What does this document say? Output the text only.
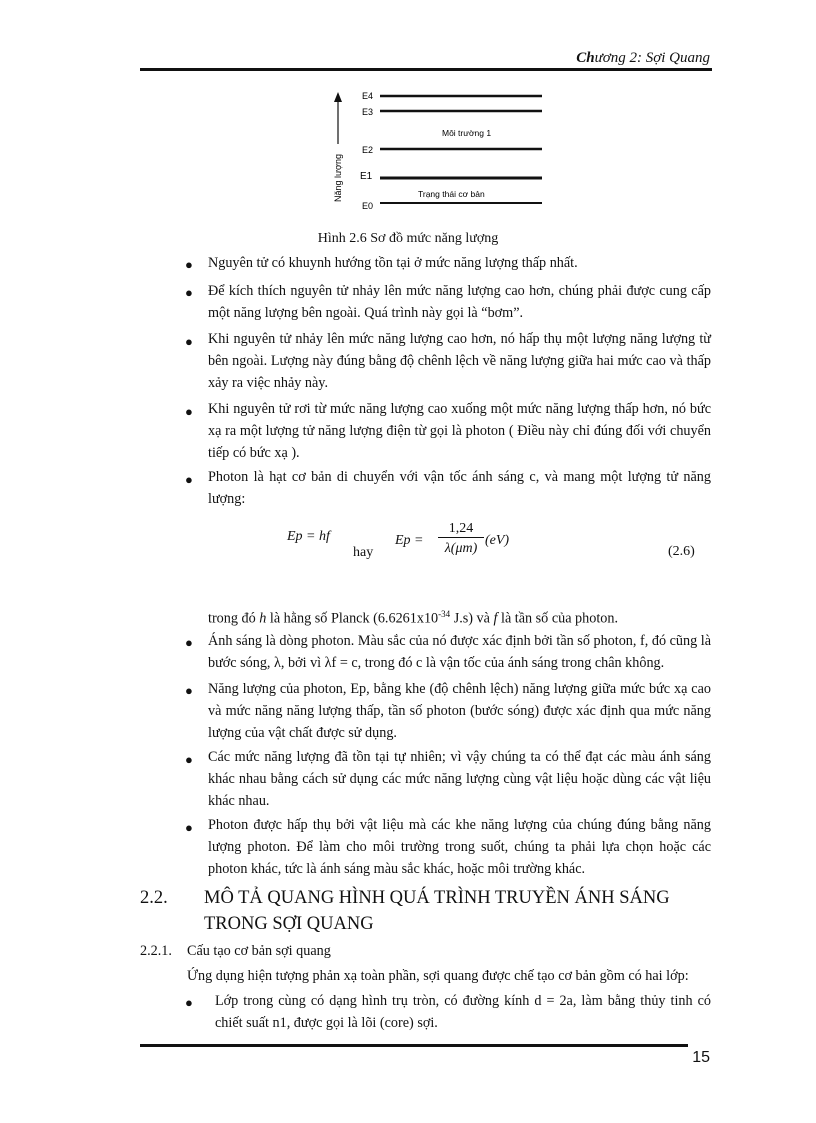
Chương 2: Sợi Quang
E4
E3
E2
E1
E0
Môi trường 1
Trạng thái cơ bản
Năng lượng
Hình 2.6 Sơ đồ mức năng lượng
● Nguyên tử có khuynh hướng tồn tại ở mức năng lượng thấp nhất.
● Để kích thích nguyên tử nhảy lên mức năng lượng cao hơn, chúng phải được cung cấp một năng lượng bên ngoài. Quá trình này gọi là “bơm”.
● Khi nguyên tử nhảy lên mức năng lượng cao hơn, nó hấp thụ một lượng năng lượng từ bên ngoài. Lượng này đúng bằng độ chênh lệch về năng lượng giữa hai mức cao và thấp xảy ra việc nhảy này.
● Khi nguyên tử rơi từ mức năng lượng cao xuống một mức năng lượng thấp hơn, nó bức xạ ra một lượng tử năng lượng điện từ gọi là photon ( Điều này chỉ đúng đối với chuyển tiếp có bức xạ ).
● Photon là hạt cơ bản di chuyển với vận tốc ánh sáng c, và mang một lượng tử năng lượng:
Ep = hf
hay
Ep =
1,24
λ(μm)
(eV)
(2.6)
trong đó h là hằng số Planck ($6.6261x10^{-34}$ J.s) và f là tần số của photon.
● Ánh sáng là dòng photon. Màu sắc của nó được xác định bởi tần số photon, f, đó cũng là bước sóng, λ, bởi vì λf = c, trong đó c là vận tốc của ánh sáng trong chân không.
● Năng lượng của photon, Ep, bằng khe (độ chênh lệch) năng lượng giữa mức bức xạ cao và mức năng năng lượng thấp, tần số photon (bước sóng) được xác định qua mức năng lượng của vật chất được sử dụng.
● Các mức năng lượng đã tồn tại tự nhiên; vì vậy chúng ta có thể đạt các màu ánh sáng khác nhau bằng cách sử dụng các mức năng lượng cùng vật liệu hoặc dùng các vật liệu khác nhau.
● Photon được hấp thụ bởi vật liệu mà các khe năng lượng của chúng đúng bằng năng lượng photon. Để làm cho môi trường trong suốt, chúng ta phải lựa chọn hoặc các photon khác, tức là ánh sáng màu sắc khác, hoặc môi trường khác.
2.2. MÔ TẢ QUANG HÌNH QUÁ TRÌNH TRUYỀN ÁNH SÁNG TRONG SỢI QUANG
2.2.1. Cấu tạo cơ bản sợi quang
Ứng dụng hiện tượng phản xạ toàn phần, sợi quang được chế tạo cơ bản gồm có hai lớp:
● Lớp trong cùng có dạng hình trụ tròn, có đường kính d = 2a, làm bằng thủy tinh có chiết suất n1, được gọi là lõi (core) sợi.
15
